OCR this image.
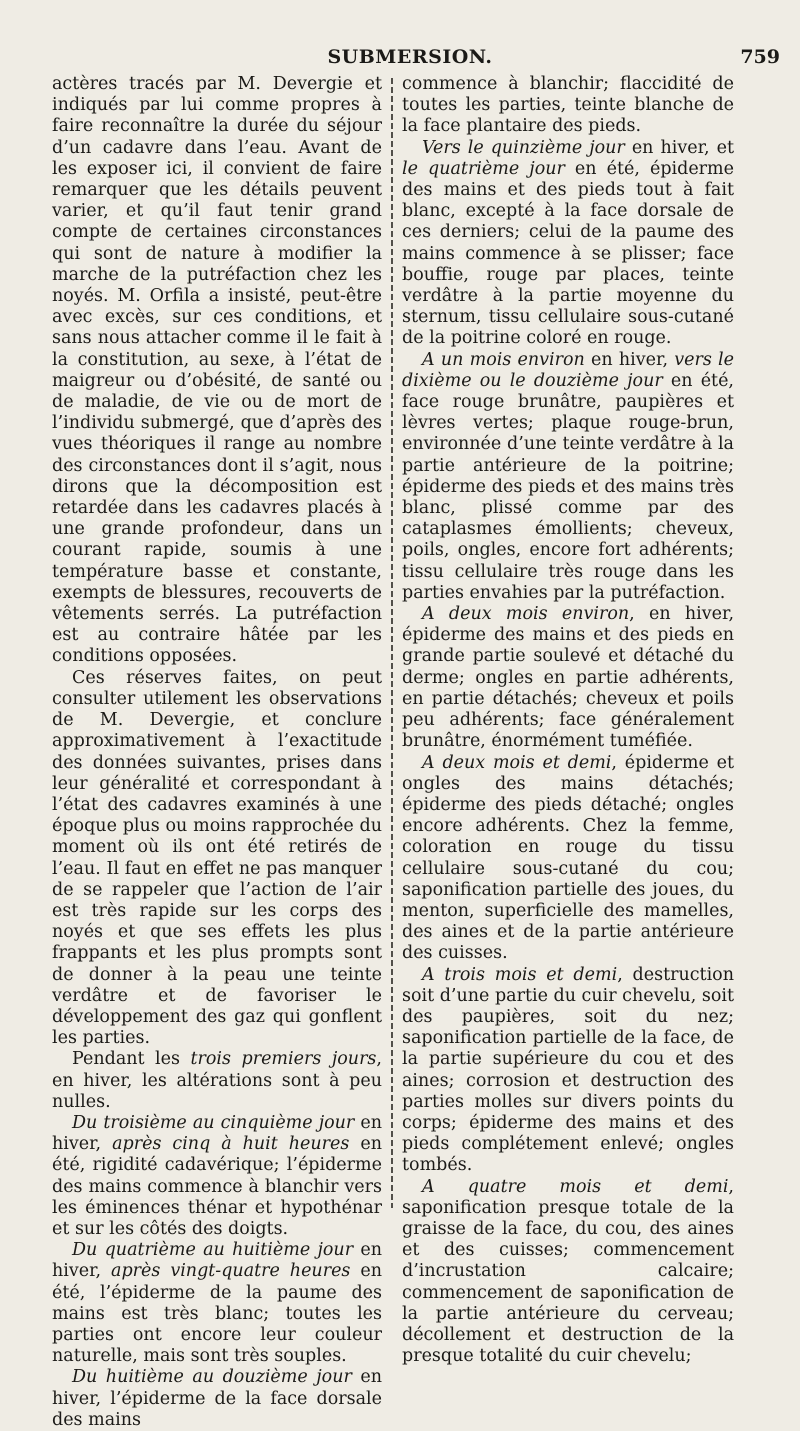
SUBMERSION.	759

actères tracés par M. Devergie et indiqués par lui comme propres à faire reconnaître la durée du séjour d’un cadavre dans l’eau. Avant de les exposer ici, il convient de faire remarquer que les détails peuvent varier, et qu’il faut tenir grand compte de certaines circonstances qui sont de nature à modifier la marche de la putréfaction chez les noyés. M. Orfila a insisté, peut-être avec excès, sur ces conditions, et sans nous attacher comme il le fait à la constitution, au sexe, à l’état de maigreur ou d’obésité, de santé ou de maladie, de vie ou de mort de l’individu submergé, que d’après des vues théoriques il range au nombre des circonstances dont il s’agit, nous dirons que la décomposition est retardée dans les cadavres placés à une grande profondeur, dans un courant rapide, soumis à une température basse et constante, exempts de blessures, recouverts de vêtements serrés. La putréfaction est au contraire hâtée par les conditions opposées.

Ces réserves faites, on peut consulter utilement les observations de M. Devergie, et conclure approximativement à l’exactitude des données suivantes, prises dans leur généralité et correspondant à l’état des cadavres examinés à une époque plus ou moins rapprochée du moment où ils ont été retirés de l’eau. Il faut en effet ne pas manquer de se rappeler que l’action de l’air est très rapide sur les corps des noyés et que ses effets les plus frappants et les plus prompts sont de donner à la peau une teinte verdâtre et de favoriser le développement des gaz qui gonflent les parties.

Pendant les trois premiers jours, en hiver, les altérations sont à peu nulles.

Du troisième au cinquième jour en hiver, après cinq à huit heures en été, rigidité cadavérique; l’épiderme des mains commence à blanchir vers les éminences thénar et hypothénar et sur les côtés des doigts.

Du quatrième au huitième jour en hiver, après vingt-quatre heures en été, l’épiderme de la paume des mains est très blanc; toutes les parties ont encore leur couleur naturelle, mais sont très souples.

Du huitième au douzième jour en hiver, l’épiderme de la face dorsale des mains

commence à blanchir; flaccidité de toutes les parties, teinte blanche de la face plantaire des pieds.

Vers le quinzième jour en hiver, et le quatrième jour en été, épiderme des mains et des pieds tout à fait blanc, excepté à la face dorsale de ces derniers; celui de la paume des mains commence à se plisser; face bouffie, rouge par places, teinte verdâtre à la partie moyenne du sternum, tissu cellulaire sous-cutané de la poitrine coloré en rouge.

A un mois environ en hiver, vers le dixième ou le douzième jour en été, face rouge brunâtre, paupières et lèvres vertes; plaque rouge-brun, environnée d’une teinte verdâtre à la partie antérieure de la poitrine; épiderme des pieds et des mains très blanc, plissé comme par des cataplasmes émollients; cheveux, poils, ongles, encore fort adhérents; tissu cellulaire très rouge dans les parties envahies par la putréfaction.

A deux mois environ, en hiver, épiderme des mains et des pieds en grande partie soulevé et détaché du derme; ongles en partie adhérents, en partie détachés; cheveux et poils peu adhérents; face généralement brunâtre, énormément tuméfiée.

A deux mois et demi, épiderme et ongles des mains détachés; épiderme des pieds détaché; ongles encore adhérents. Chez la femme, coloration en rouge du tissu cellulaire sous-cutané du cou; saponification partielle des joues, du menton, superficielle des mamelles, des aines et de la partie antérieure des cuisses.

A trois mois et demi, destruction soit d’une partie du cuir chevelu, soit des paupières, soit du nez; saponification partielle de la face, de la partie supérieure du cou et des aines; corrosion et destruction des parties molles sur divers points du corps; épiderme des mains et des pieds complétement enlevé; ongles tombés.

A quatre mois et demi, saponification presque totale de la graisse de la face, du cou, des aines et des cuisses; commencement d’incrustation calcaire; commencement de saponification de la partie antérieure du cerveau; décollement et destruction de la presque totalité du cuir chevelu;
